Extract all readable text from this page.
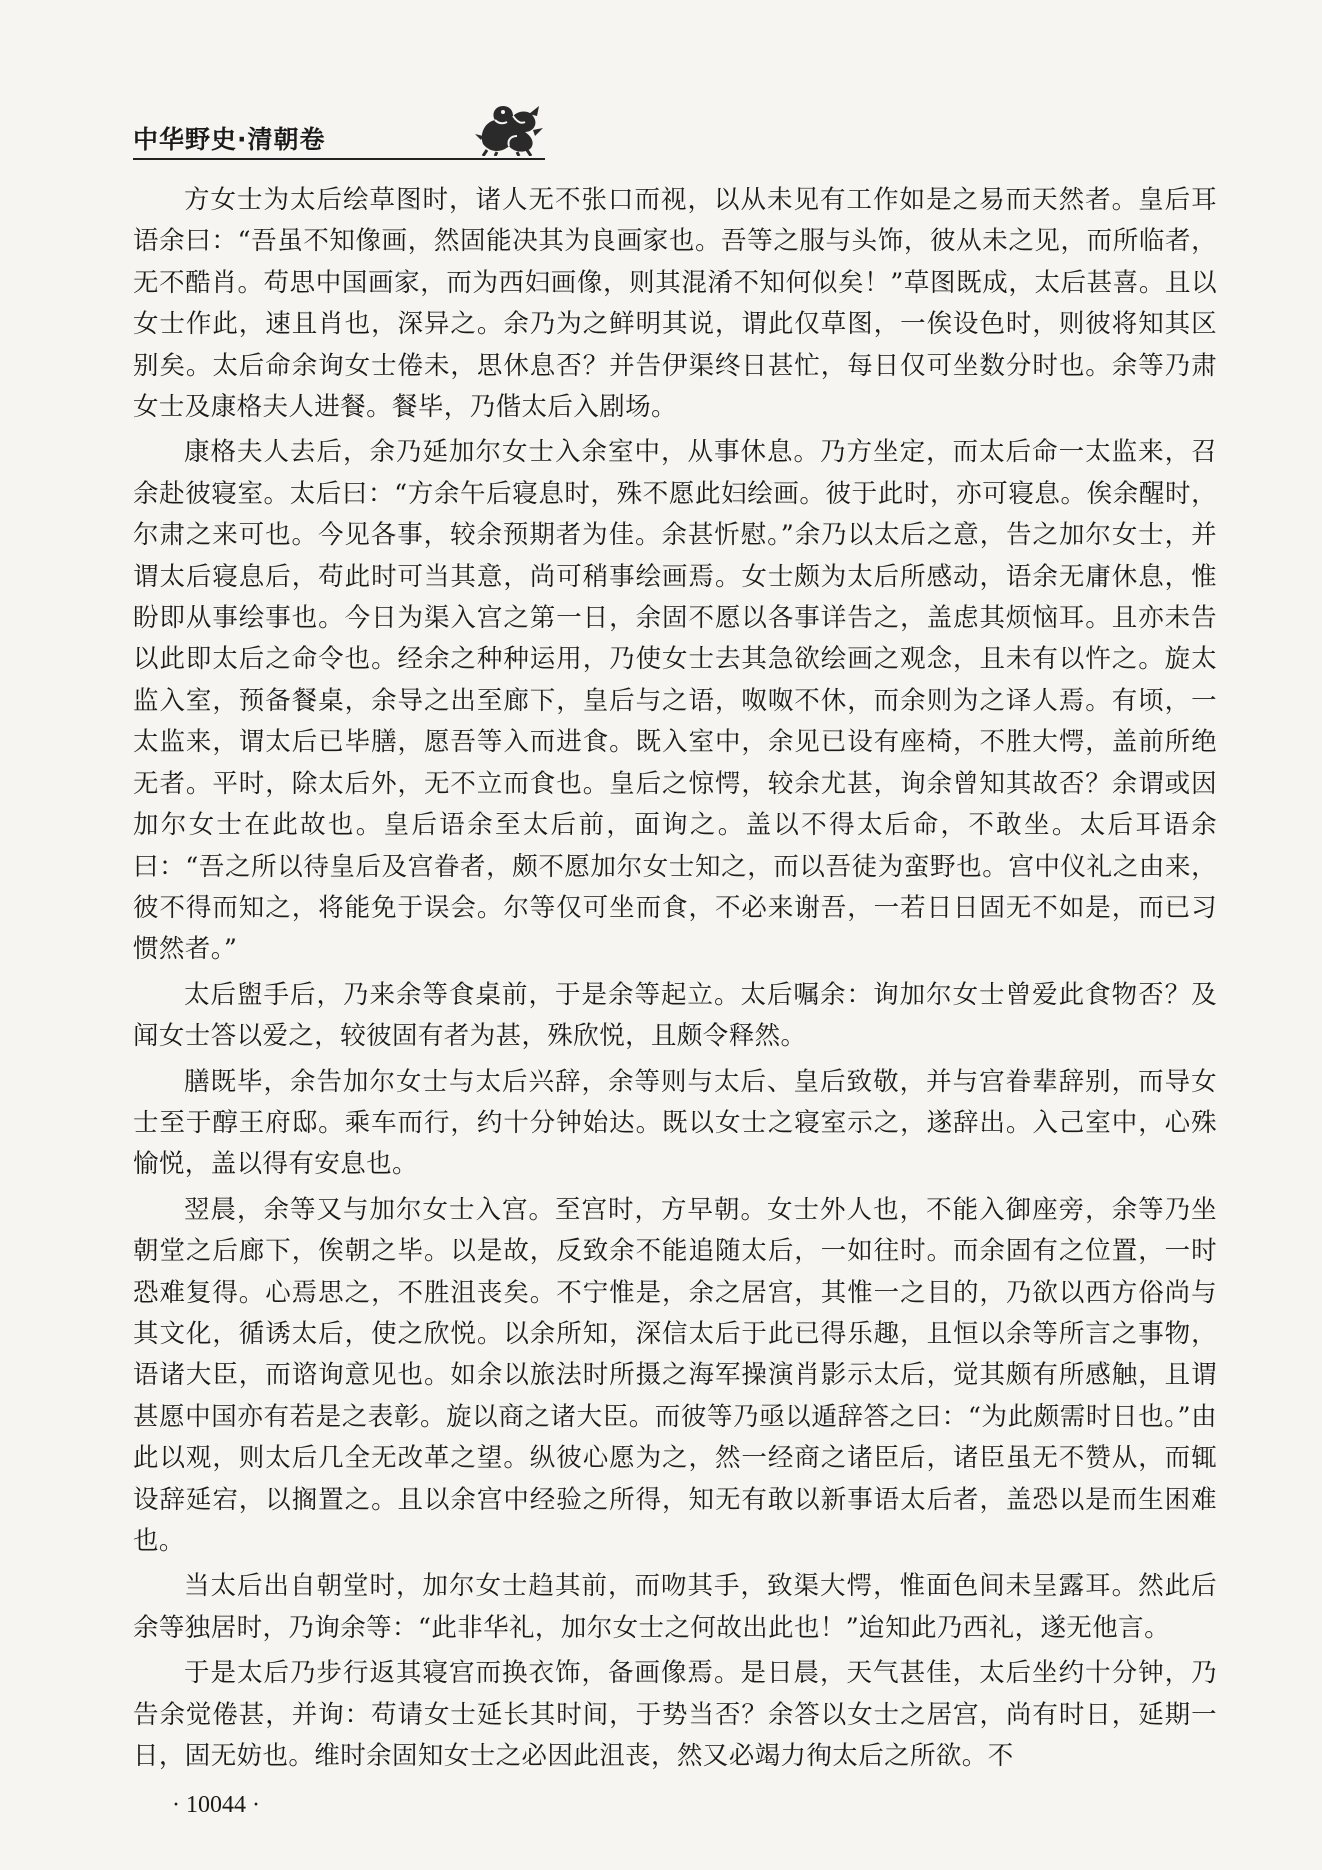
中华野史·清朝卷

方女士为太后绘草图时，诸人无不张口而视，以从未见有工作如是之易而天然者。皇后耳语余曰：“吾虽不知像画，然固能决其为良画家也。吾等之服与头饰，彼从未之见，而所临者，无不酷肖。苟思中国画家，而为西妇画像，则其混淆不知何似矣！”草图既成，太后甚喜。且以女士作此，速且肖也，深异之。余乃为之鲜明其说，谓此仅草图，一俟设色时，则彼将知其区别矣。太后命余询女士倦未，思休息否？并告伊渠终日甚忙，每日仅可坐数分时也。余等乃肃女士及康格夫人进餐。餐毕，乃偕太后入剧场。

康格夫人去后，余乃延加尔女士入余室中，从事休息。乃方坐定，而太后命一太监来，召余赴彼寝室。太后曰：“方余午后寝息时，殊不愿此妇绘画。彼于此时，亦可寝息。俟余醒时，尔肃之来可也。今见各事，较余预期者为佳。余甚忻慰。”余乃以太后之意，告之加尔女士，并谓太后寝息后，苟此时可当其意，尚可稍事绘画焉。女士颇为太后所感动，语余无庸休息，惟盼即从事绘事也。今日为渠入宫之第一日，余固不愿以各事详告之，盖虑其烦恼耳。且亦未告以此即太后之命令也。经余之种种运用，乃使女士去其急欲绘画之观念，且未有以忤之。旋太监入室，预备餐桌，余导之出至廊下，皇后与之语，呶呶不休，而余则为之译人焉。有顷，一太监来，谓太后已毕膳，愿吾等入而进食。既入室中，余见已设有座椅，不胜大愕，盖前所绝无者。平时，除太后外，无不立而食也。皇后之惊愕，较余尤甚，询余曾知其故否？余谓或因加尔女士在此故也。皇后语余至太后前，面询之。盖以不得太后命，不敢坐。太后耳语余曰：“吾之所以待皇后及宫眷者，颇不愿加尔女士知之，而以吾徒为蛮野也。宫中仪礼之由来，彼不得而知之，将能免于误会。尔等仅可坐而食，不必来谢吾，一若日日固无不如是，而已习惯然者。”

太后盥手后，乃来余等食桌前，于是余等起立。太后嘱余：询加尔女士曾爱此食物否？及闻女士答以爱之，较彼固有者为甚，殊欣悦，且颇令释然。

膳既毕，余告加尔女士与太后兴辞，余等则与太后、皇后致敬，并与宫眷辈辞别，而导女士至于醇王府邸。乘车而行，约十分钟始达。既以女士之寝室示之，遂辞出。入己室中，心殊愉悦，盖以得有安息也。

翌晨，余等又与加尔女士入宫。至宫时，方早朝。女士外人也，不能入御座旁，余等乃坐朝堂之后廊下，俟朝之毕。以是故，反致余不能追随太后，一如往时。而余固有之位置，一时恐难复得。心焉思之，不胜沮丧矣。不宁惟是，余之居宫，其惟一之目的，乃欲以西方俗尚与其文化，循诱太后，使之欣悦。以余所知，深信太后于此已得乐趣，且恒以余等所言之事物，语诸大臣，而谘询意见也。如余以旅法时所摄之海军操演肖影示太后，觉其颇有所感触，且谓甚愿中国亦有若是之表彰。旋以商之诸大臣。而彼等乃亟以遁辞答之曰：“为此颇需时日也。”由此以观，则太后几全无改革之望。纵彼心愿为之，然一经商之诸臣后，诸臣虽无不赞从，而辄设辞延宕，以搁置之。且以余宫中经验之所得，知无有敢以新事语太后者，盖恐以是而生困难也。

当太后出自朝堂时，加尔女士趋其前，而吻其手，致渠大愕，惟面色间未呈露耳。然此后余等独居时，乃询余等：“此非华礼，加尔女士之何故出此也！”迨知此乃西礼，遂无他言。

于是太后乃步行返其寝宫而换衣饰，备画像焉。是日晨，天气甚佳，太后坐约十分钟，乃告余觉倦甚，并询：苟请女士延长其时间，于势当否？余答以女士之居宫，尚有时日，延期一日，固无妨也。维时余固知女士之必因此沮丧，然又必竭力徇太后之所欲。不

· 10044 ·
